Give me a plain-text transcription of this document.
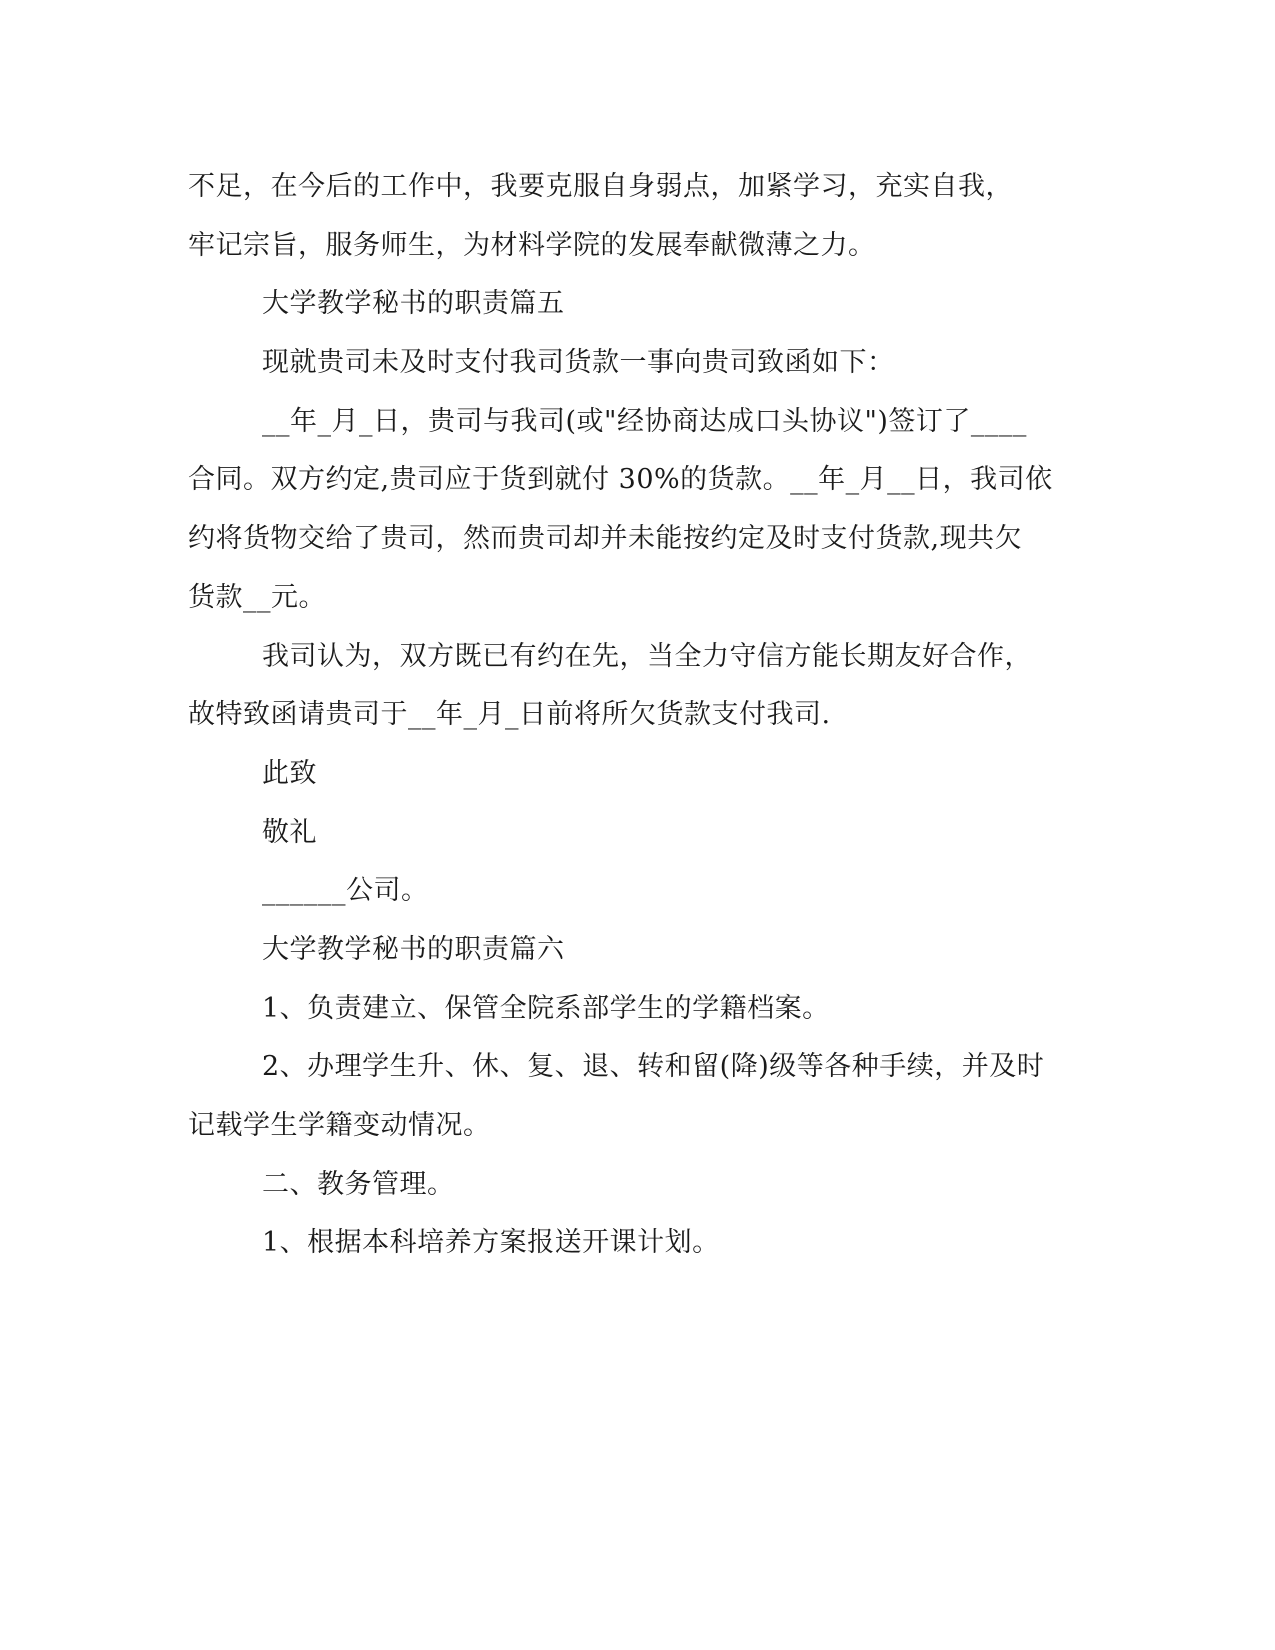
不足，在今后的工作中，我要克服自身弱点，加紧学习，充实自我，
牢记宗旨，服务师生，为材料学院的发展奉献微薄之力。
大学教学秘书的职责篇五
现就贵司未及时支付我司货款一事向贵司致函如下：
__年_月_日，贵司与我司(或"经协商达成口头协议")签订了____
合同。双方约定,贵司应于货到就付 30%的货款。__年_月__日，我司依
约将货物交给了贵司，然而贵司却并未能按约定及时支付货款,现共欠
货款__元。
我司认为，双方既已有约在先，当全力守信方能长期友好合作，
故特致函请贵司于__年_月_日前将所欠货款支付我司.
此致
敬礼
______公司。
大学教学秘书的职责篇六
1、负责建立、保管全院系部学生的学籍档案。
2、办理学生升、休、复、退、转和留(降)级等各种手续，并及时
记载学生学籍变动情况。
二、教务管理。
1、根据本科培养方案报送开课计划。
